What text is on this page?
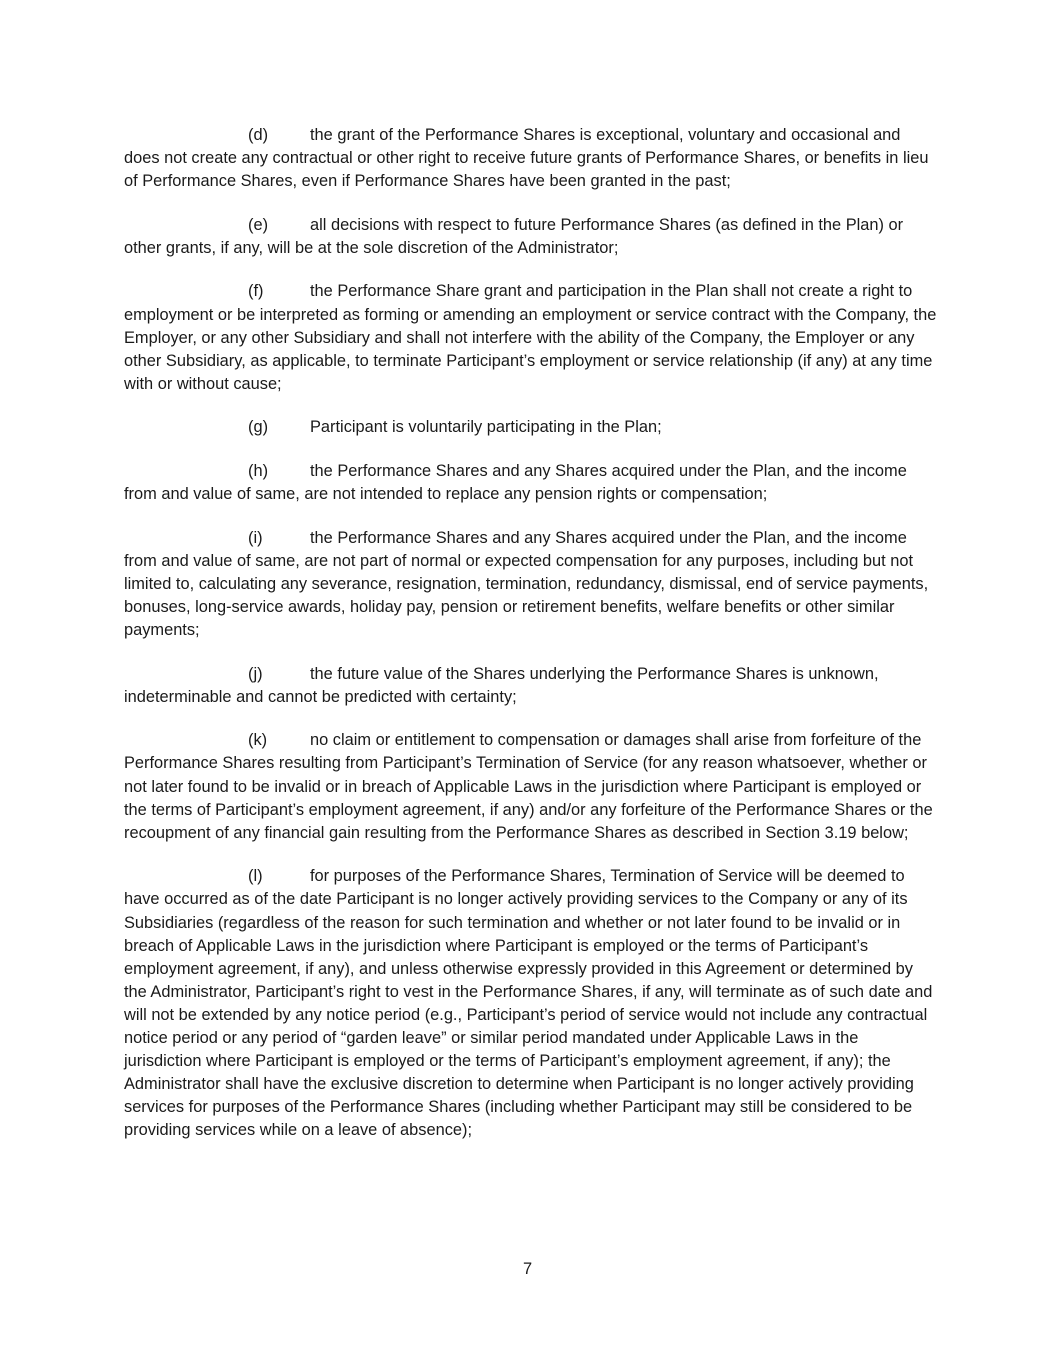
(d)	the grant of the Performance Shares is exceptional, voluntary and occasional and does not create any contractual or other right to receive future grants of Performance Shares, or benefits in lieu of Performance Shares, even if Performance Shares have been granted in the past;

(e)	all decisions with respect to future Performance Shares (as defined in the Plan) or other grants, if any, will be at the sole discretion of the Administrator;

(f)	the Performance Share grant and participation in the Plan shall not create a right to employment or be interpreted as forming or amending an employment or service contract with the Company, the Employer, or any other Subsidiary and shall not interfere with the ability of the Company, the Employer or any other Subsidiary, as applicable, to terminate Participant’s employment or service relationship (if any) at any time with or without cause;

(g)	Participant is voluntarily participating in the Plan;

(h)	the Performance Shares and any Shares acquired under the Plan, and the income from and value of same, are not intended to replace any pension rights or compensation;

(i)	the Performance Shares and any Shares acquired under the Plan, and the income from and value of same, are not part of normal or expected compensation for any purposes, including but not limited to, calculating any severance, resignation, termination, redundancy, dismissal, end of service payments, bonuses, long-service awards, holiday pay, pension or retirement benefits, welfare benefits or other similar payments;

(j)	the future value of the Shares underlying the Performance Shares is unknown, indeterminable and cannot be predicted with certainty;

(k)	no claim or entitlement to compensation or damages shall arise from forfeiture of the Performance Shares resulting from Participant’s Termination of Service (for any reason whatsoever, whether or not later found to be invalid or in breach of Applicable Laws in the jurisdiction where Participant is employed or the terms of Participant’s employment agreement, if any) and/or any forfeiture of the Performance Shares or the recoupment of any financial gain resulting from the Performance Shares as described in Section 3.19 below;

(l)	for purposes of the Performance Shares, Termination of Service will be deemed to have occurred as of the date Participant is no longer actively providing services to the Company or any of its Subsidiaries (regardless of the reason for such termination and whether or not later found to be invalid or in breach of Applicable Laws in the jurisdiction where Participant is employed or the terms of Participant’s employment agreement, if any), and unless otherwise expressly provided in this Agreement or determined by the Administrator, Participant’s right to vest in the Performance Shares, if any, will terminate as of such date and will not be extended by any notice period (e.g., Participant’s period of service would not include any contractual notice period or any period of “garden leave” or similar period mandated under Applicable Laws in the jurisdiction where Participant is employed or the terms of Participant’s employment agreement, if any); the Administrator shall have the exclusive discretion to determine when Participant is no longer actively providing services for purposes of the Performance Shares (including whether Participant may still be considered to be providing services while on a leave of absence);

7
